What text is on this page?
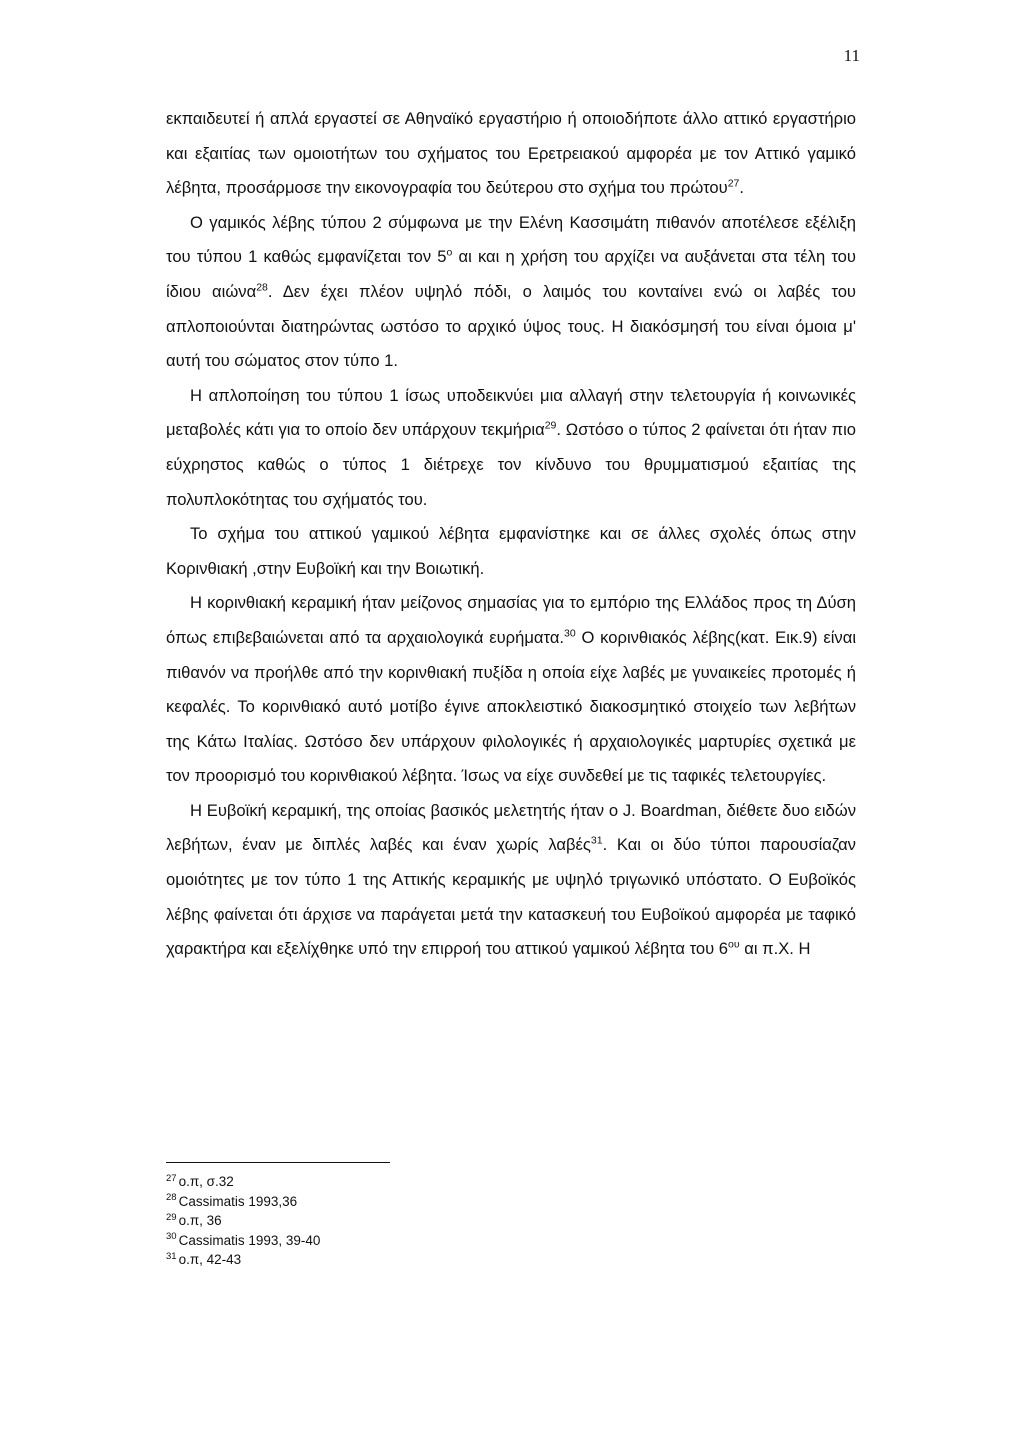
11

εκπαιδευτεί ή απλά εργαστεί σε Αθηναϊκό εργαστήριο ή οποιοδήποτε άλλο αττικό εργαστήριο και εξαιτίας των ομοιοτήτων του σχήματος του Ερετρειακού αμφορέα με τον Αττικό γαμικό λέβητα, προσάρμοσε την εικονογραφία του δεύτερου στο σχήμα του πρώτου$^{27}$.

Ο γαμικός λέβης τύπου 2 σύμφωνα με την Ελένη Κασσιμάτη πιθανόν αποτέλεσε εξέλιξη του τύπου 1 καθώς εμφανίζεται τον $5^o$ αι και η χρήση του αρχίζει να αυξάνεται στα τέλη του ίδιου αιώνα$^{28}$. Δεν έχει πλέον υψηλό πόδι, ο λαιμός του κονταίνει ενώ οι λαβές του απλοποιούνται διατηρώντας ωστόσο το αρχικό ύψος τους. Η διακόσμησή του είναι όμοια μ' αυτή του σώματος στον τύπο 1.

Η απλοποίηση του τύπου 1 ίσως υποδεικνύει μια αλλαγή στην τελετουργία ή κοινωνικές μεταβολές κάτι για το οποίο δεν υπάρχουν τεκμήρια$^{29}$. Ωστόσο ο τύπος 2 φαίνεται ότι ήταν πιο εύχρηστος καθώς ο τύπος 1 διέτρεχε τον κίνδυνο του θρυμματισμού εξαιτίας της πολυπλοκότητας του σχήματός του.

Το σχήμα του αττικού γαμικού λέβητα εμφανίστηκε και σε άλλες σχολές όπως στην Κορινθιακή ,στην Ευβοϊκή και την Βοιωτική.

Η κορινθιακή κεραμική ήταν μείζονος σημασίας για το εμπόριο της Ελλάδος προς τη Δύση όπως επιβεβαιώνεται από τα αρχαιολογικά ευρήματα.$^{30}$ Ο κορινθιακός λέβης(κατ. Εικ.9) είναι πιθανόν να προήλθε από την κορινθιακή πυξίδα η οποία είχε λαβές με γυναικείες προτομές ή κεφαλές. Το κορινθιακό αυτό μοτίβο έγινε αποκλειστικό διακοσμητικό στοιχείο των λεβήτων της Κάτω Ιταλίας. Ωστόσο δεν υπάρχουν φιλολογικές ή αρχαιολογικές μαρτυρίες σχετικά με τον προορισμό του κορινθιακού λέβητα. Ίσως να είχε συνδεθεί με τις ταφικές τελετουργίες.

Η Ευβοϊκή κεραμική, της οποίας βασικός μελετητής ήταν ο J. Boardman, διέθετε δυο ειδών λεβήτων, έναν με διπλές λαβές και έναν χωρίς λαβές$^{31}$. Και οι δύο τύποι παρουσίαζαν ομοιότητες με τον τύπο 1 της Αττικής κεραμικής με υψηλό τριγωνικό υπόστατο. Ο Ευβοϊκός λέβης φαίνεται ότι άρχισε να παράγεται μετά την κατασκευή του Ευβοϊκού αμφορέα με ταφικό χαρακτήρα και εξελίχθηκε υπό την επιρροή του αττικού γαμικού λέβητα του $6^{o\upsilon}$ αι π.Χ. Η

$^{27}$ ο.π, σ.32
$^{28}$ Cassimatis 1993,36
$^{29}$ ο.π, 36
$^{30}$ Cassimatis 1993, 39-40
$^{31}$ ο.π, 42-43
